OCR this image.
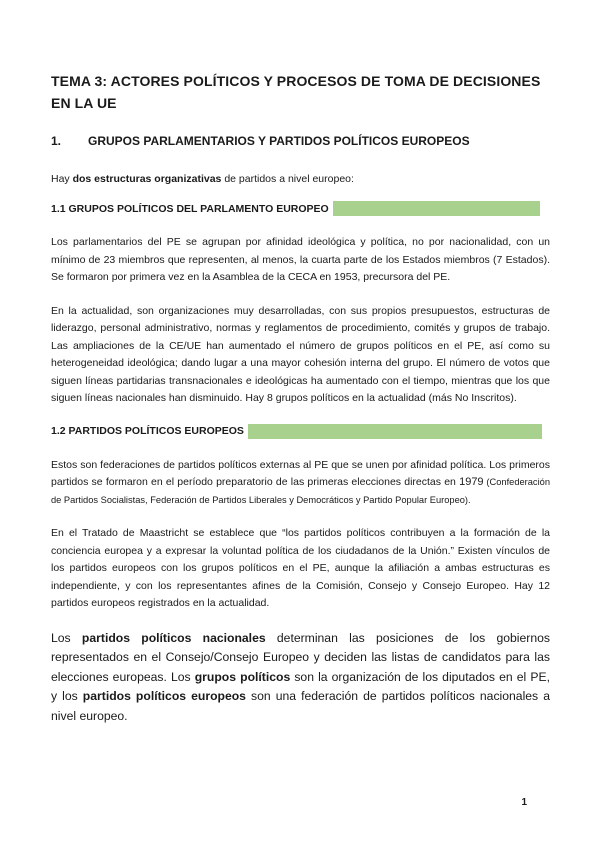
TEMA 3: ACTORES POLÍTICOS Y PROCESOS DE TOMA DE DECISIONES EN LA UE
1.	GRUPOS PARLAMENTARIOS Y PARTIDOS POLÍTICOS EUROPEOS

Hay dos estructuras organizativas de partidos a nivel europeo:

1.1 GRUPOS POLÍTICOS DEL PARLAMENTO EUROPEO

Los parlamentarios del PE se agrupan por afinidad ideológica y política, no por nacionalidad, con un mínimo de 23 miembros que representen, al menos, la cuarta parte de los Estados miembros (7 Estados). Se formaron por primera vez en la Asamblea de la CECA en 1953, precursora del PE.

En la actualidad, son organizaciones muy desarrolladas, con sus propios presupuestos, estructuras de liderazgo, personal administrativo, normas y reglamentos de procedimiento, comités y grupos de trabajo. Las ampliaciones de la CE/UE han aumentado el número de grupos políticos en el PE, así como su heterogeneidad ideológica; dando lugar a una mayor cohesión interna del grupo. El número de votos que siguen líneas partidarias transnacionales e ideológicas ha aumentado con el tiempo, mientras que los que siguen líneas nacionales han disminuido. Hay 8 grupos políticos en la actualidad (más No Inscritos).

1.2 PARTIDOS POLÍTICOS EUROPEOS

Estos son federaciones de partidos políticos externas al PE que se unen por afinidad política. Los primeros partidos se formaron en el período preparatorio de las primeras elecciones directas en 1979 (Confederación de Partidos Socialistas, Federación de Partidos Liberales y Democráticos y Partido Popular Europeo).

En el Tratado de Maastricht se establece que “los partidos políticos contribuyen a la formación de la conciencia europea y a expresar la voluntad política de los ciudadanos de la Unión.” Existen vínculos de los partidos europeos con los grupos políticos en el PE, aunque la afiliación a ambas estructuras es independiente, y con los representantes afines de la Comisión, Consejo y Consejo Europeo. Hay 12 partidos europeos registrados en la actualidad.

Los partidos políticos nacionales determinan las posiciones de los gobiernos representados en el Consejo/Consejo Europeo y deciden las listas de candidatos para las elecciones europeas. Los grupos políticos son la organización de los diputados en el PE, y los partidos políticos europeos son una federación de partidos políticos nacionales a nivel europeo.

1
